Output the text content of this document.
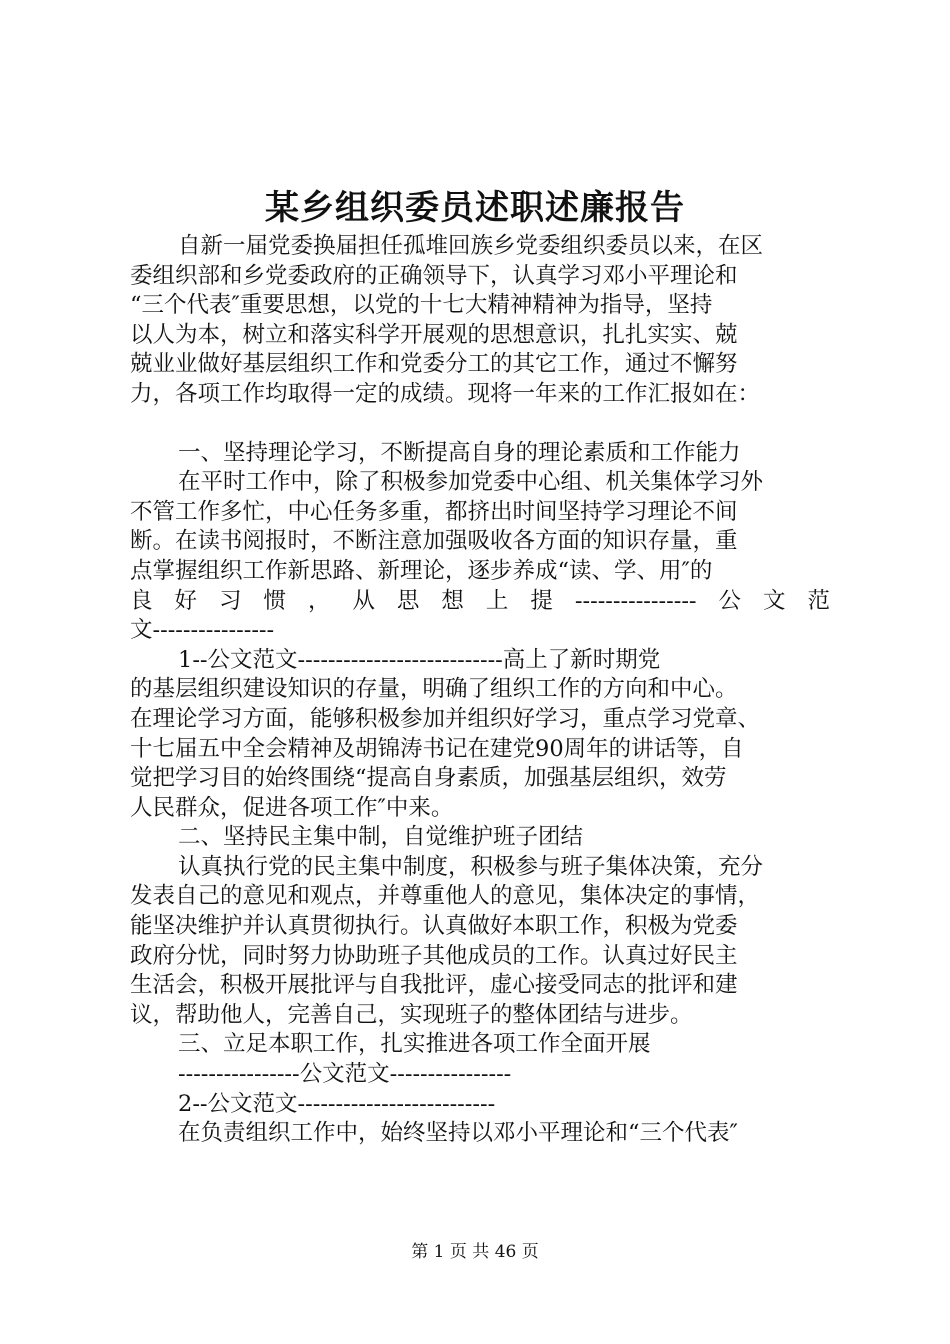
某乡组织委员述职述廉报告
自新一届党委换届担任孤堆回族乡党委组织委员以来，在区
委组织部和乡党委政府的正确领导下，认真学习邓小平理论和
“三个代表″重要思想，以党的十七大精神精神为指导，坚持
以人为本，树立和落实科学开展观的思想意识，扎扎实实、兢
兢业业做好基层组织工作和党委分工的其它工作，通过不懈努
力，各项工作均取得一定的成绩。现将一年来的工作汇报如在：
一、坚持理论学习，不断提高自身的理论素质和工作能力
在平时工作中，除了积极参加党委中心组、机关集体学习外
不管工作多忙，中心任务多重，都挤出时间坚持学习理论不间
断。在读书阅报时，不断注意加强吸收各方面的知识存量，重
点掌握组织工作新思路、新理论，逐步养成“读、学、用″的
良好习惯，从思想上提----------------公文范
文----------------
1--公文范文---------------------------高上了新时期党
的基层组织建设知识的存量，明确了组织工作的方向和中心。
在理论学习方面，能够积极参加并组织好学习，重点学习党章、
十七届五中全会精神及胡锦涛书记在建党90周年的讲话等，自
觉把学习目的始终围绕“提高自身素质，加强基层组织，效劳
人民群众，促进各项工作″中来。
二、坚持民主集中制，自觉维护班子团结
认真执行党的民主集中制度，积极参与班子集体决策，充分
发表自己的意见和观点，并尊重他人的意见，集体决定的事情，
能坚决维护并认真贯彻执行。认真做好本职工作，积极为党委
政府分忧，同时努力协助班子其他成员的工作。认真过好民主
生活会，积极开展批评与自我批评，虚心接受同志的批评和建
议，帮助他人，完善自己，实现班子的整体团结与进步。
三、立足本职工作，扎实推进各项工作全面开展
----------------公文范文----------------
2--公文范文--------------------------
在负责组织工作中，始终坚持以邓小平理论和“三个代表″
第 1 页 共 46 页
